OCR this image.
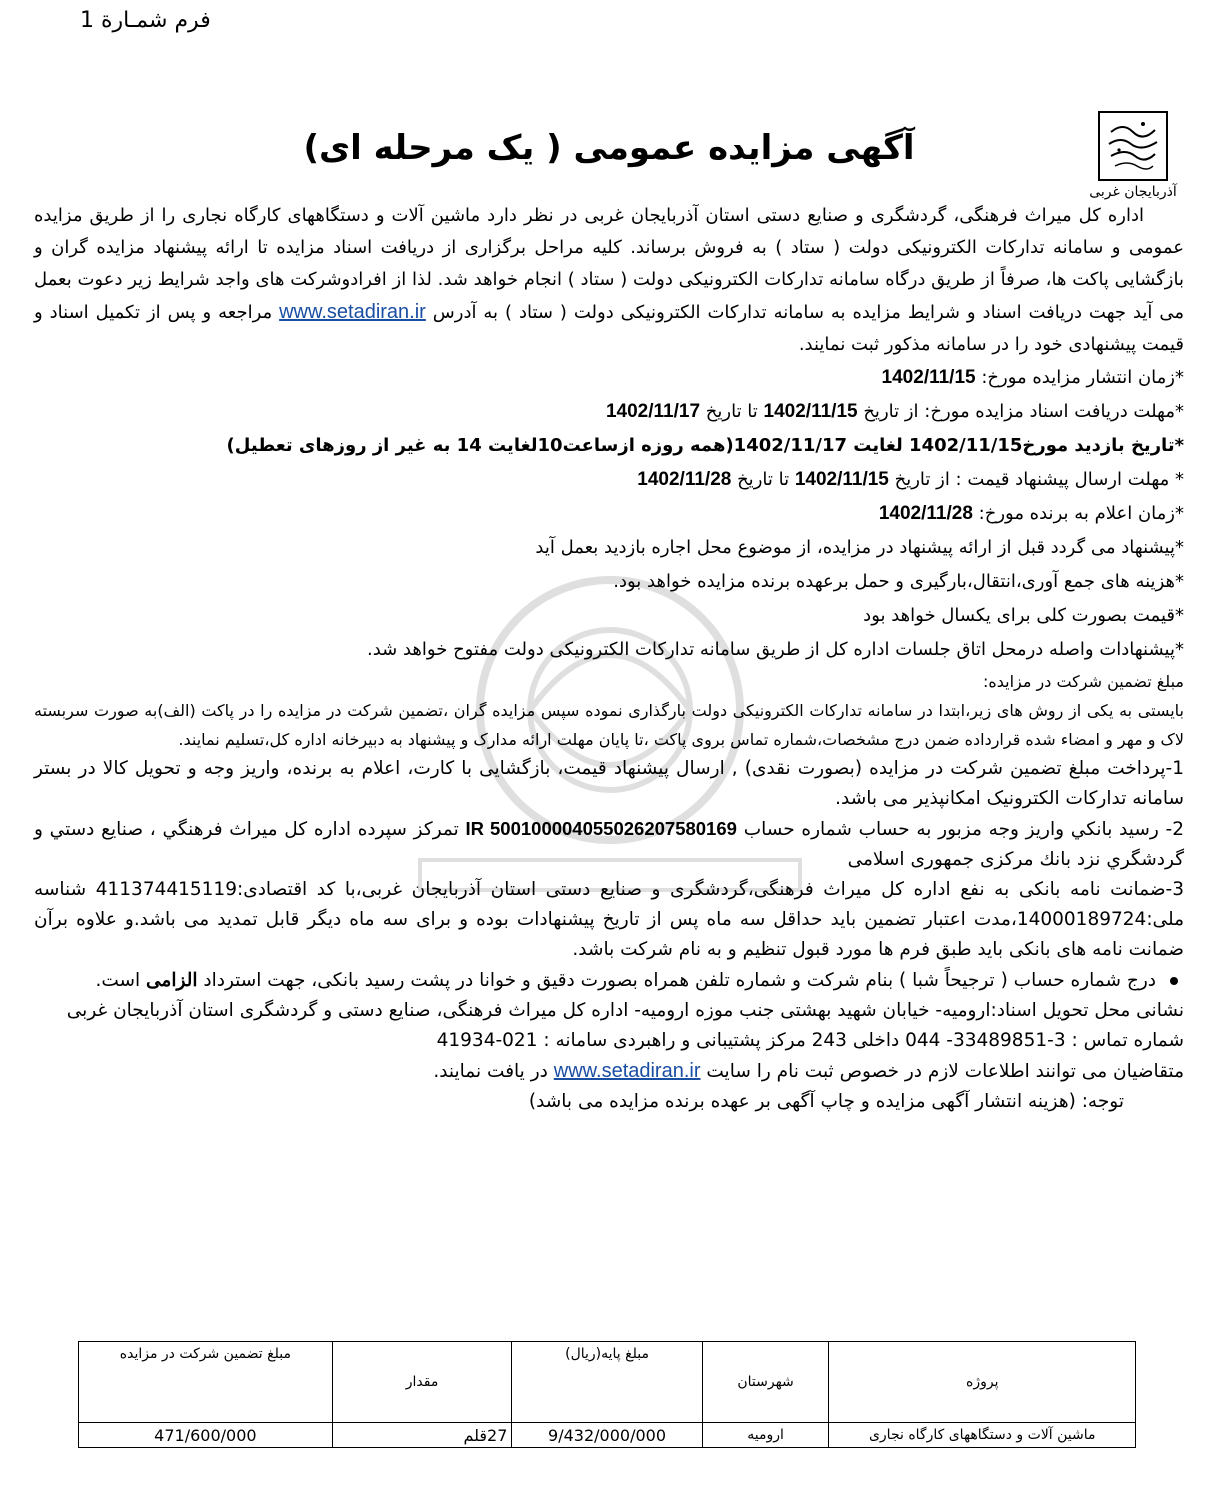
فرم شمـارة 1
آذربایجان غربی
آگهی مزایده عمومی ( یک مرحله ای)

اداره کل میراث فرهنگی، گردشگری و صنایع دستی استان آذربایجان غربی در نظر دارد ماشین آلات و دستگاههای کارگاه نجاری را از طریق مزایده عمومی و سامانه تدارکات الکترونیکی دولت ( ستاد ) به فروش برساند. کلیه مراحل برگزاری از دریافت اسناد مزایده تا ارائه پیشنهاد مزایده گران و بازگشایی پاکت ها، صرفاً از طریق درگاه سامانه تدارکات الکترونیکی دولت ( ستاد ) انجام خواهد شد. لذا از افرادوشرکت های واجد شرایط زیر دعوت بعمل می آید جهت دریافت اسناد و شرایط مزایده به سامانه تدارکات الکترونیکی دولت ( ستاد ) به آدرس www.setadiran.ir مراجعه و پس از تکمیل اسناد و قیمت پیشنهادی خود را در سامانه مذکور ثبت نمایند.

*زمان انتشار مزایده مورخ: 1402/11/15

*مهلت دریافت اسناد مزایده مورخ: از تاریخ 1402/11/15 تا تاریخ 1402/11/17

*تاریخ بازدید مورخ1402/11/15 لغایت 1402/11/17(همه روزه ازساعت10لغایت 14 به غیر از روزهای تعطیل)

* مهلت ارسال پیشنهاد قیمت : از تاریخ 1402/11/15 تا تاریخ 1402/11/28

*زمان اعلام به برنده مورخ: 1402/11/28

*پیشنهاد می گردد قبل از ارائه پیشنهاد در مزایده، از موضوع محل اجاره بازدید بعمل آید

*هزینه های جمع آوری،انتقال،بارگیری و حمل برعهده برنده مزایده خواهد بود.

*قیمت بصورت کلی برای یکسال خواهد بود

*پیشنهادات واصله درمحل اتاق جلسات اداره کل از طریق سامانه تدارکات الکترونیکی دولت مفتوح خواهد شد.

مبلغ تضمین شرکت در مزایده:

بایستی به یکی از روش های زیر،ابتدا در سامانه تدارکات الکترونیکی دولت بارگذاری نموده سپس مزایده گران ،تضمین شرکت در مزایده را در پاکت (الف)به صورت سربسته لاک و مهر و امضاء شده قرارداده ضمن درج مشخصات،شماره تماس بروی پاکت ،تا پایان مهلت ارائه مدارک و پیشنهاد به دبیرخانه اداره کل،تسلیم نمایند.

1-پرداخت مبلغ تضمین شرکت در مزایده (بصورت نقدی) , ارسال پیشنهاد قیمت، بازگشایی با کارت، اعلام به برنده، واریز وجه و تحویل کالا در بستر سامانه تدارکات الکترونیک امکانپذیر می باشد.

2- رسید بانکي واريز وجه مزبور به حساب شماره حساب IR 500100004055026207580169 تمرکز سپرده اداره کل میراث فرهنگي ، صنايع دستي و گردشگري نزد بانك مرکزی جمهوری اسلامی

3-ضمانت نامه بانکی به نفع اداره کل میراث فرهنگی،گردشگری و صنایع دستی استان آذربایجان غربی،با کد اقتصادی:411374415119 شناسه ملی:14000189724،مدت اعتبار تضمین باید حداقل سه ماه پس از تاریخ پیشنهادات بوده و برای سه ماه دیگر قابل تمدید می باشد.و علاوه برآن ضمانت نامه های بانکی باید طبق فرم ها مورد قبول تنظیم و به نام شرکت باشد.

درج شماره حساب ( ترجیحاً شبا ) بنام شرکت و شماره تلفن همراه بصورت دقیق و خوانا در پشت رسید بانکی، جهت استرداد الزامی است.

نشانی محل تحویل اسناد:ارومیه- خیابان شهید بهشتی جنب موزه ارومیه- اداره کل میراث فرهنگی، صنایع دستی و گردشگری استان آذربایجان غربی

شماره تماس : 3-33489851- 044 داخلی 243 مرکز پشتیبانی و راهبردی سامانه : 021-41934

متقاضیان می توانند اطلاعات لازم در خصوص ثبت نام را سایت www.setadiran.ir در یافت نمایند.

توجه: (هزینه انتشار آگهی مزایده و چاپ آگهی بر عهده برنده مزایده می باشد)

پروژه	شهرستان	مبلغ پایه(ریال)	مقدار	مبلغ تضمین شرکت در مزایده
ماشین آلات و دستگاههای کارگاه نجاری	ارومیه	9/432/000/000	27قلم	471/600/000
